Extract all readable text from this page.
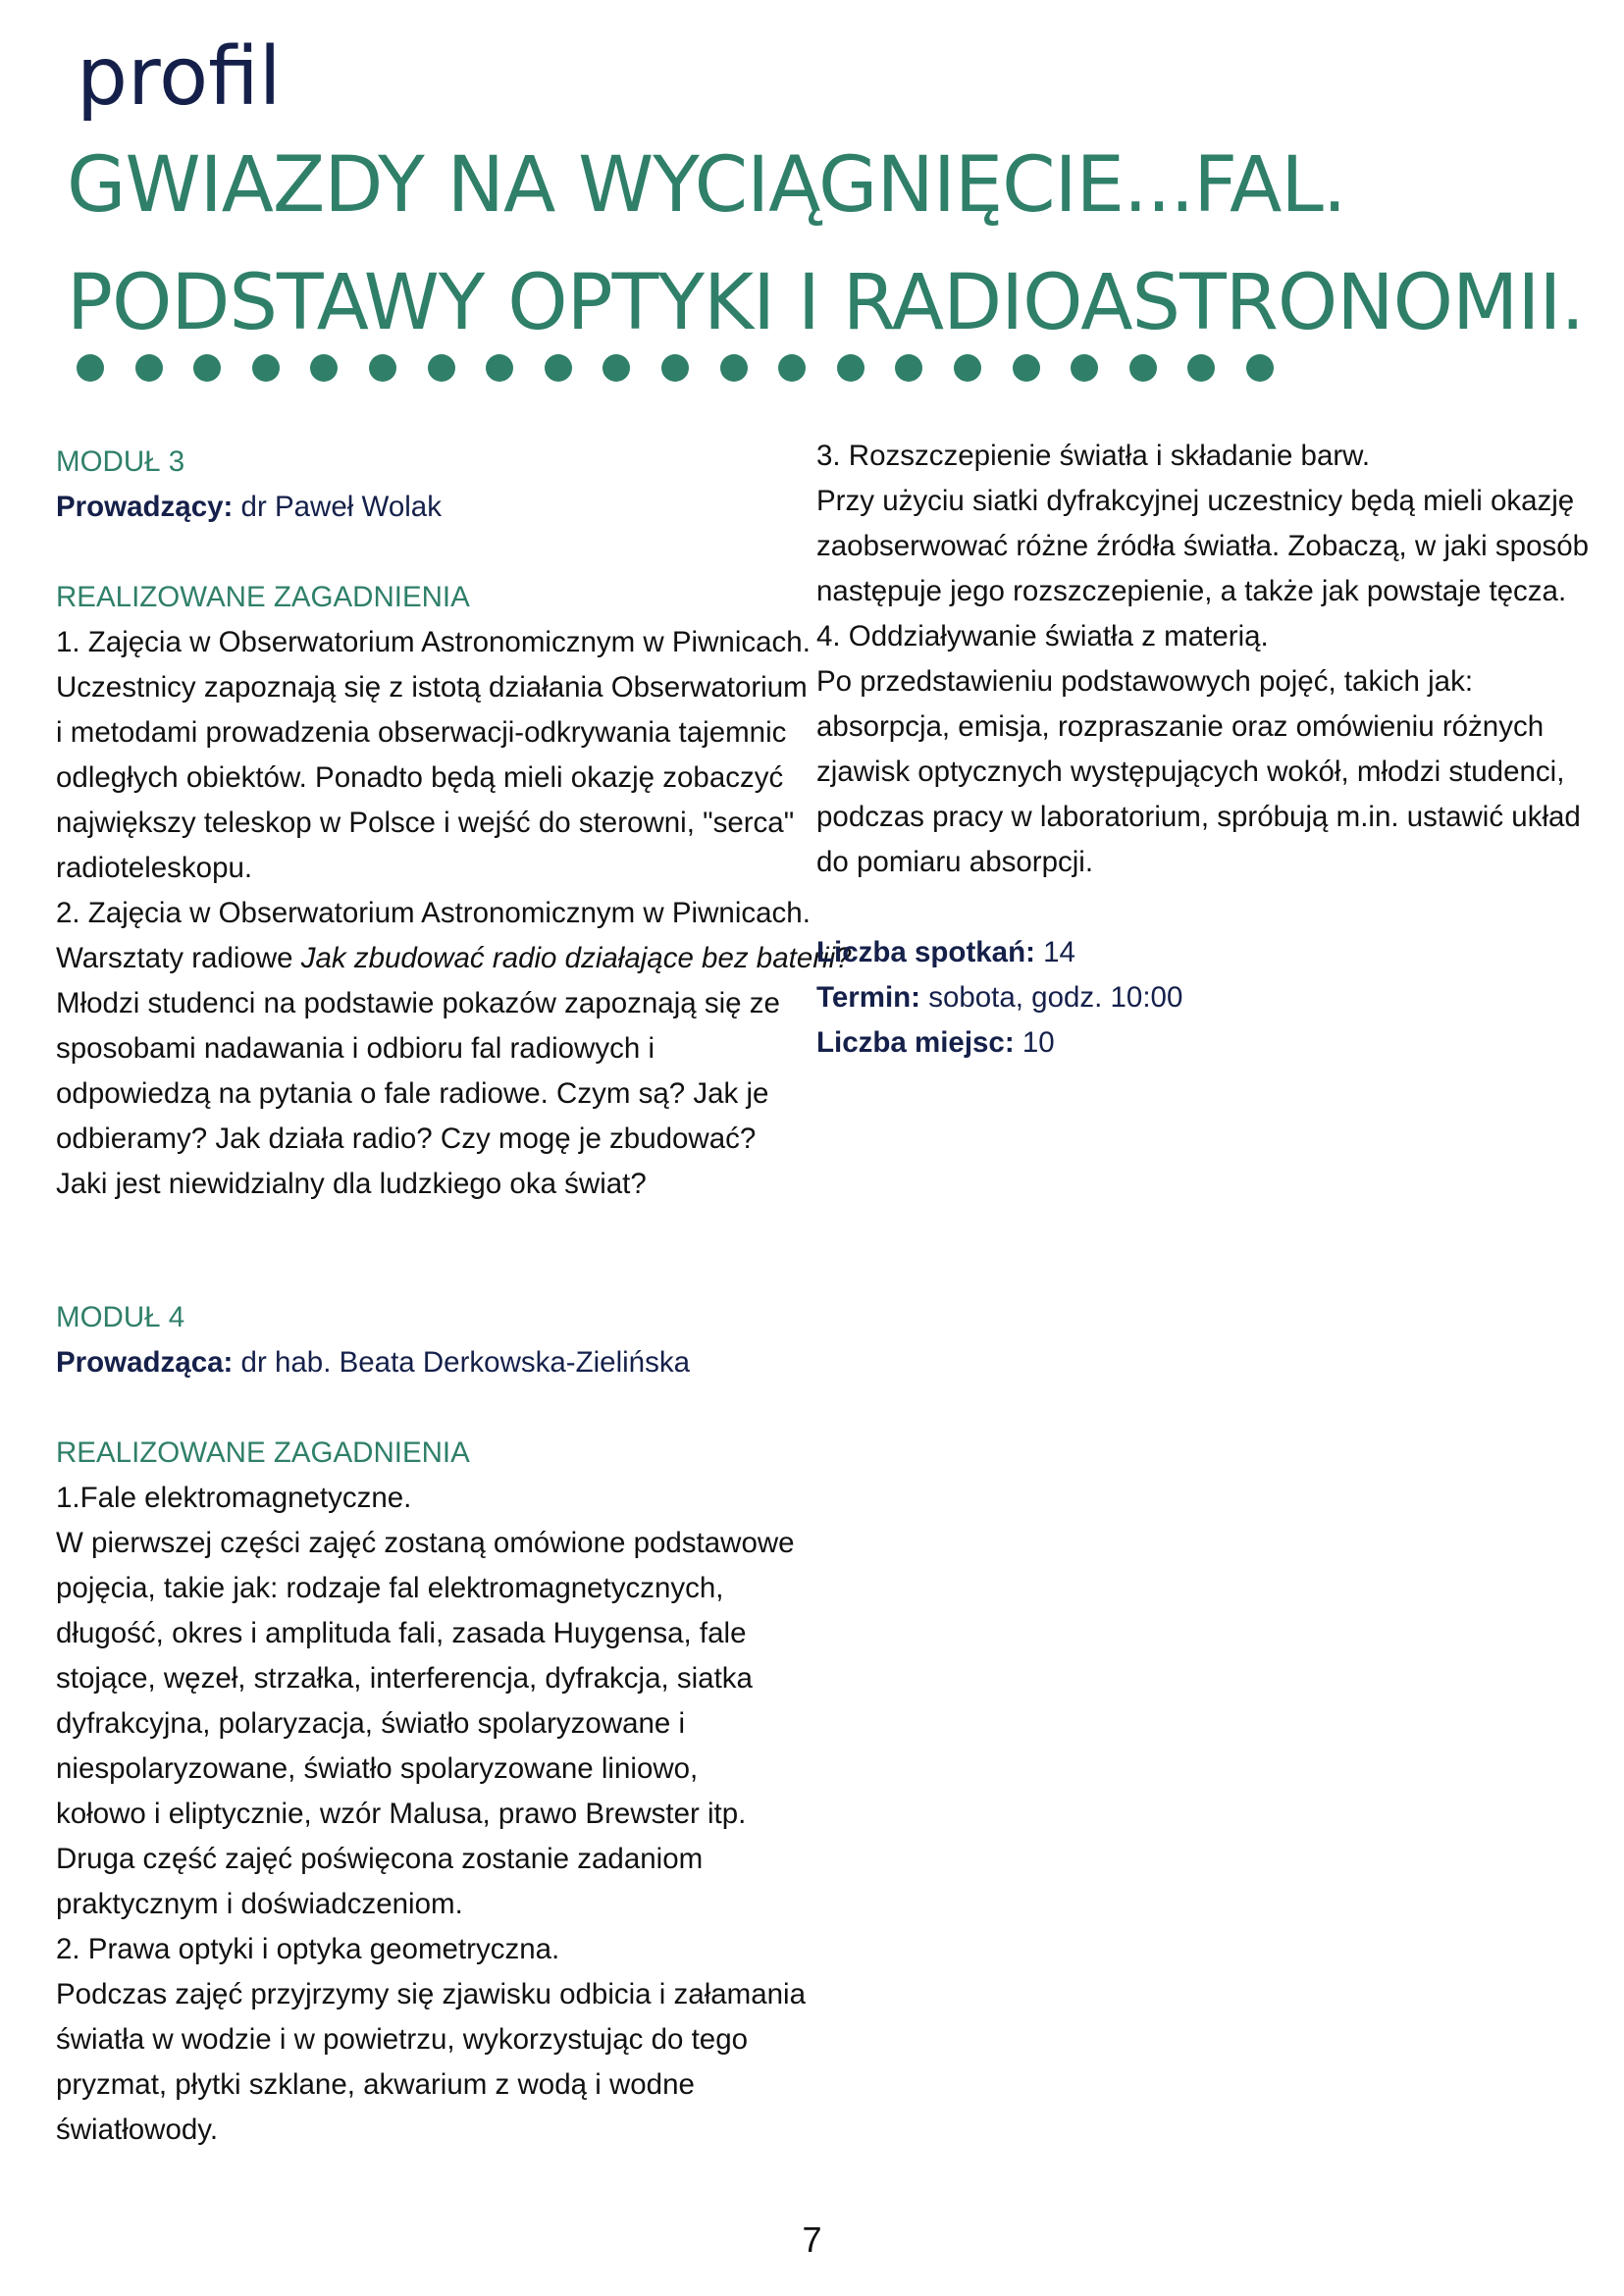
profil
GWIAZDY NA WYCIĄGNIĘCIE...FAL.
PODSTAWY OPTYKI I RADIOASTRONOMII.
MODUŁ 3
Prowadzący: dr Paweł Wolak
REALIZOWANE ZAGADNIENIA
1. Zajęcia w Obserwatorium Astronomicznym w Piwnicach.
Uczestnicy zapoznają się z istotą działania Obserwatorium
i metodami prowadzenia obserwacji-odkrywania tajemnic
odległych obiektów. Ponadto będą mieli okazję zobaczyć
największy teleskop w Polsce i wejść do sterowni, "serca"
radioteleskopu.
2. Zajęcia w Obserwatorium Astronomicznym w Piwnicach.
Warsztaty radiowe Jak zbudować radio działające bez baterii?
Młodzi studenci na podstawie pokazów zapoznają się ze
sposobami nadawania i odbioru fal radiowych i
odpowiedzą na pytania o fale radiowe. Czym są? Jak je
odbieramy? Jak działa radio? Czy mogę je zbudować?
Jaki jest niewidzialny dla ludzkiego oka świat?
3. Rozszczepienie światła i składanie barw.
Przy użyciu siatki dyfrakcyjnej uczestnicy będą mieli okazję
zaobserwować różne źródła światła. Zobaczą, w jaki sposób
następuje jego rozszczepienie, a także jak powstaje tęcza.
4. Oddziaływanie światła z materią.
Po przedstawieniu podstawowych pojęć, takich jak:
absorpcja, emisja, rozpraszanie oraz omówieniu różnych
zjawisk optycznych występujących wokół, młodzi studenci,
podczas pracy w laboratorium, spróbują m.in. ustawić układ
do pomiaru absorpcji.
Liczba spotkań: 14
Termin: sobota, godz. 10:00
Liczba miejsc: 10
MODUŁ 4
Prowadząca: dr hab. Beata Derkowska-Zielińska
REALIZOWANE ZAGADNIENIA
1.Fale elektromagnetyczne.
W pierwszej części zajęć zostaną omówione podstawowe
pojęcia, takie jak: rodzaje fal elektromagnetycznych,
długość, okres i amplituda fali, zasada Huygensa, fale
stojące, węzeł, strzałka, interferencja, dyfrakcja, siatka
dyfrakcyjna, polaryzacja, światło spolaryzowane i
niespolaryzowane, światło spolaryzowane liniowo,
kołowo i eliptycznie, wzór Malusa, prawo Brewster itp.
Druga część zajęć poświęcona zostanie zadaniom
praktycznym i doświadczeniom.
2. Prawa optyki i optyka geometryczna.
Podczas zajęć przyjrzymy się zjawisku odbicia i załamania
światła w wodzie i w powietrzu, wykorzystując do tego
pryzmat, płytki szklane, akwarium z wodą i wodne
światłowody.
7
